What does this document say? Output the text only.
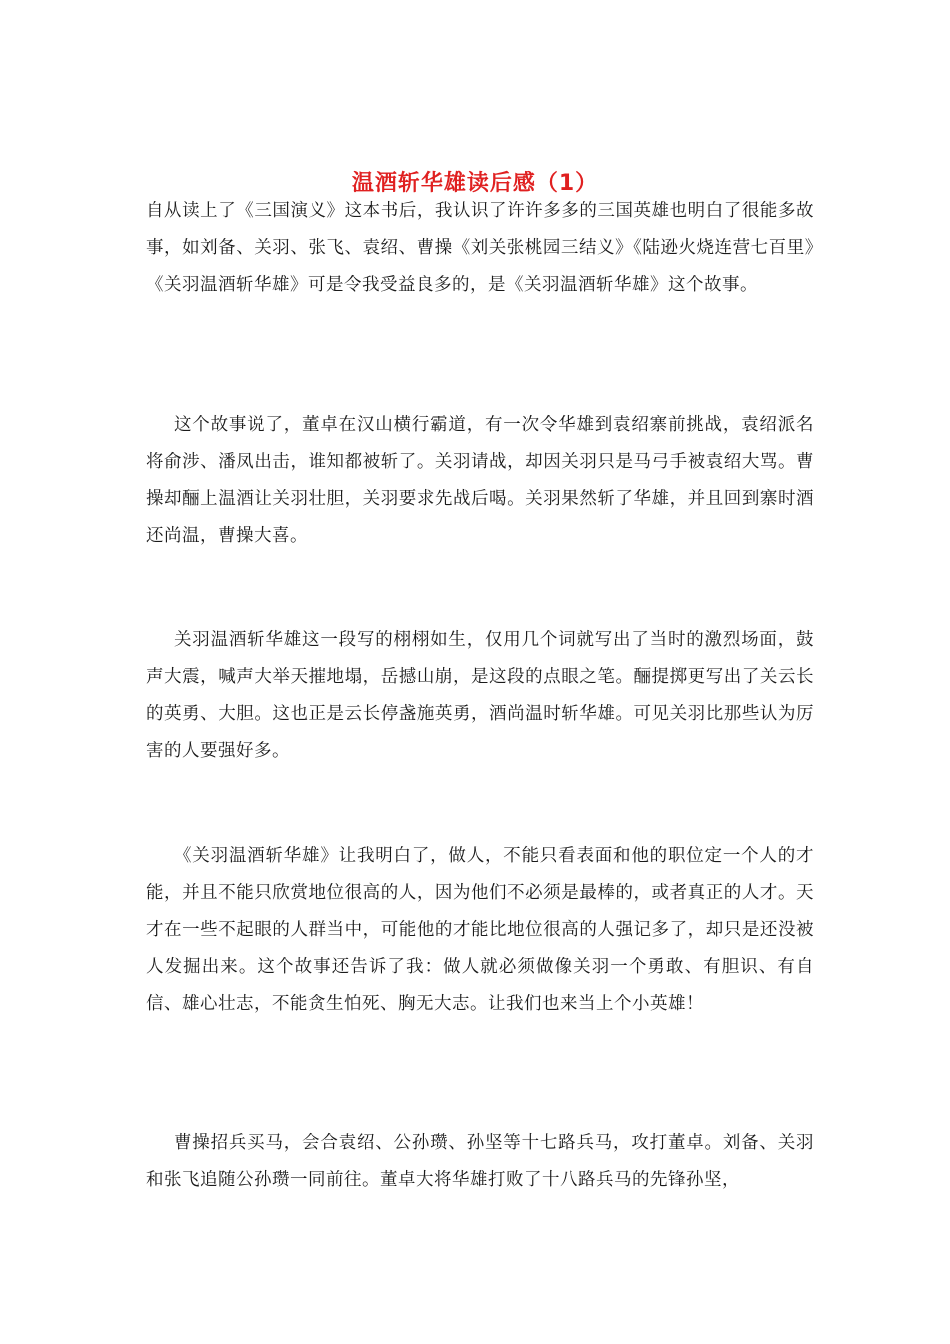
温酒斩华雄读后感（1）

自从读上了《三国演义》这本书后，我认识了许许多多的三国英雄也明白了很能多故事，如刘备、关羽、张飞、袁绍、曹操《刘关张桃园三结义》《陆逊火烧连营七百里》《关羽温酒斩华雄》可是令我受益良多的，是《关羽温酒斩华雄》这个故事。

这个故事说了，董卓在汉山横行霸道，有一次令华雄到袁绍寨前挑战，袁绍派名将俞涉、潘凤出击，谁知都被斩了。关羽请战，却因关羽只是马弓手被袁绍大骂。曹操却酾上温酒让关羽壮胆，关羽要求先战后喝。关羽果然斩了华雄，并且回到寨时酒还尚温，曹操大喜。

关羽温酒斩华雄这一段写的栩栩如生，仅用几个词就写出了当时的激烈场面，鼓声大震，喊声大举天摧地塌，岳撼山崩，是这段的点眼之笔。酾提掷更写出了关云长的英勇、大胆。这也正是云长停盏施英勇，酒尚温时斩华雄。可见关羽比那些认为厉害的人要强好多。

《关羽温酒斩华雄》让我明白了，做人，不能只看表面和他的职位定一个人的才能，并且不能只欣赏地位很高的人，因为他们不必须是最棒的，或者真正的人才。天才在一些不起眼的人群当中，可能他的才能比地位很高的人强记多了，却只是还没被人发掘出来。这个故事还告诉了我：做人就必须做像关羽一个勇敢、有胆识、有自信、雄心壮志，不能贪生怕死、胸无大志。让我们也来当上个小英雄！

曹操招兵买马，会合袁绍、公孙瓒、孙坚等十七路兵马，攻打董卓。刘备、关羽和张飞追随公孙瓒一同前往。董卓大将华雄打败了十八路兵马的先锋孙坚，
